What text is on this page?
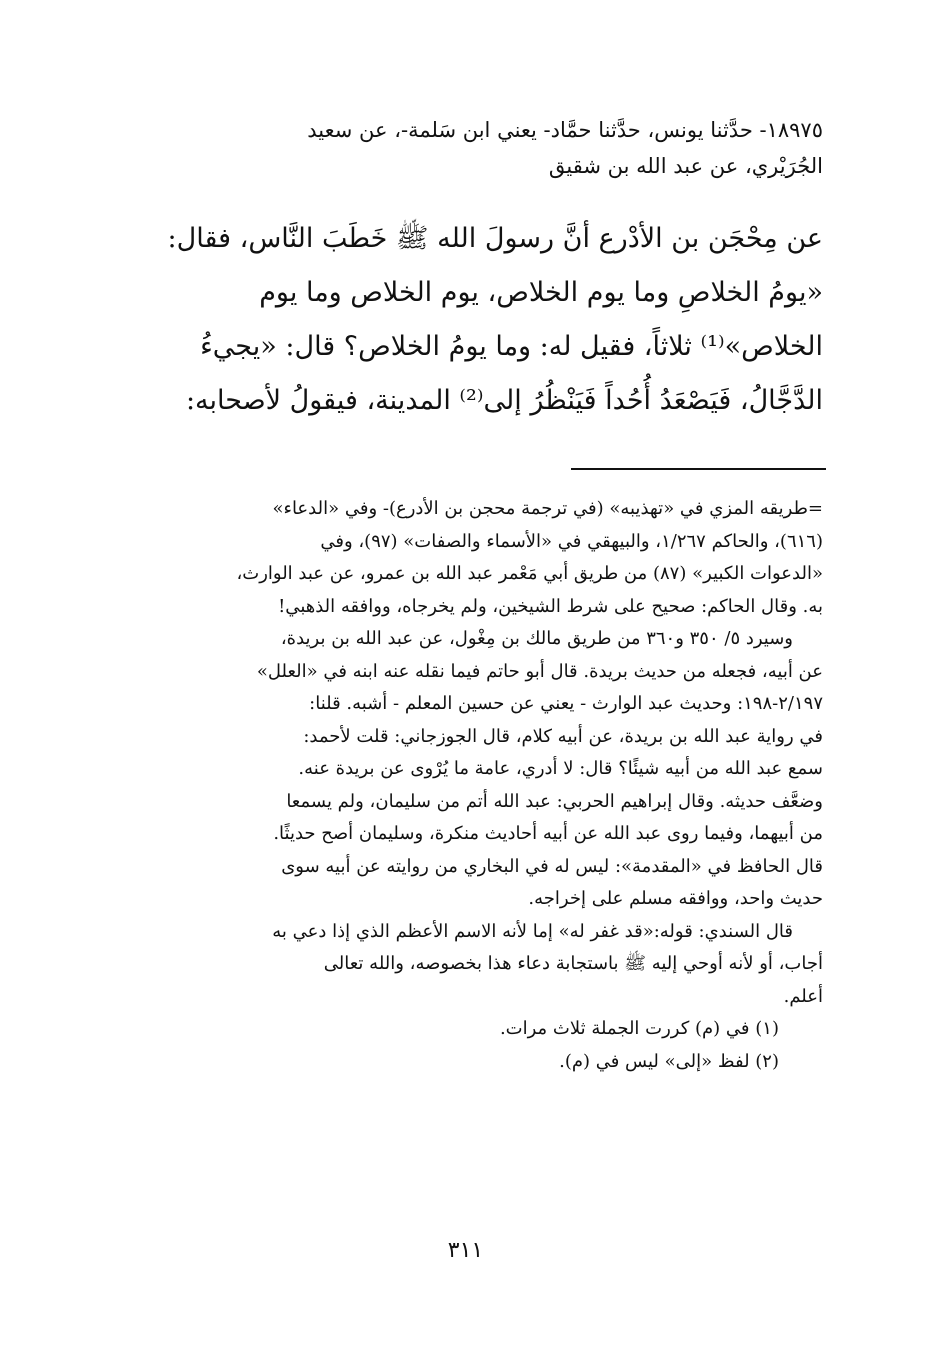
١٨٩٧٥- حدَّثنا يونس، حدَّثنا حمَّاد- يعني ابن سَلمة-، عن سعيد
الجُرَيْري، عن عبد الله بن شقيق
عن مِحْجَن بن الأدْرع أنَّ رسولَ الله ﷺ خَطَبَ النَّاس، فقال:
«يومُ الخلاصِ وما يوم الخلاص، يوم الخلاص وما يوم
الخلاص»⁽¹⁾ ثلاثاً، فقيل له: وما يومُ الخلاص؟ قال: «يجيءُ
الدَّجَّالُ، فَيَصْعَدُ أُحُداً فَيَنْظُرُ إلى⁽²⁾ المدينة، فيقولُ لأصحابه:
=طريقه المزي في «تهذيبه» (في ترجمة محجن بن الأدرع)- وفي «الدعاء»
(٦١٦)، والحاكم ١/٢٦٧، والبيهقي في «الأسماء والصفات» (٩٧)، وفي
«الدعوات الكبير» (٨٧) من طريق أبي مَعْمر عبد الله بن عمرو، عن عبد الوارث،
به. وقال الحاكم: صحيح على شرط الشيخين، ولم يخرجاه، ووافقه الذهبي!
وسيرد ٥/ ٣٥٠ و٣٦٠ من طريق مالك بن مِغْول، عن عبد الله بن بريدة،
عن أبيه، فجعله من حديث بريدة. قال أبو حاتم فيما نقله عنه ابنه في «العلل»
٢/١٩٧-١٩٨: وحديث عبد الوارث - يعني عن حسين المعلم - أشبه. قلنا:
في رواية عبد الله بن بريدة، عن أبيه كلام، قال الجوزجاني: قلت لأحمد:
سمع عبد الله من أبيه شيئًا؟ قال: لا أدري، عامة ما يُرْوى عن بريدة عنه.
وضعَّف حديثه. وقال إبراهيم الحربي: عبد الله أتم من سليمان، ولم يسمعا
من أبيهما، وفيما روى عبد الله عن أبيه أحاديث منكرة، وسليمان أصح حديثًا.
قال الحافظ في «المقدمة»: ليس له في البخاري من روايته عن أبيه سوى
حديث واحد، ووافقه مسلم على إخراجه.
قال السندي: قوله:«قد غفر له» إما لأنه الاسم الأعظم الذي إذا دعي به
أجاب، أو لأنه أوحي إليه ﷺ باستجابة دعاء هذا بخصوصه، والله تعالى
أعلم.
(١) في (م) كررت الجملة ثلاث مرات.
(٢) لفظ «إلى» ليس في (م).
٣١١
